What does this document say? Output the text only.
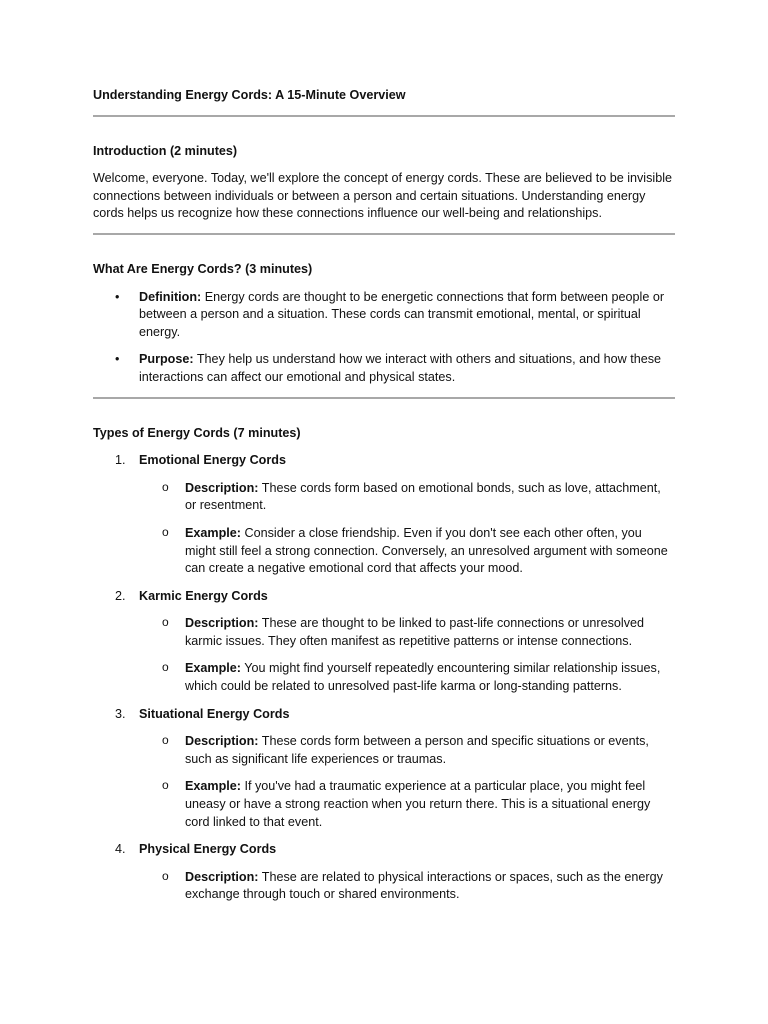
Understanding Energy Cords: A 15-Minute Overview

Introduction (2 minutes)

Welcome, everyone. Today, we'll explore the concept of energy cords. These are believed to be invisible connections between individuals or between a person and certain situations. Understanding energy cords helps us recognize how these connections influence our well-being and relationships.

What Are Energy Cords? (3 minutes)

• Definition: Energy cords are thought to be energetic connections that form between people or between a person and a situation. These cords can transmit emotional, mental, or spiritual energy.
• Purpose: They help us understand how we interact with others and situations, and how these interactions can affect our emotional and physical states.

Types of Energy Cords (7 minutes)

1. Emotional Energy Cords
o Description: These cords form based on emotional bonds, such as love, attachment, or resentment.
o Example: Consider a close friendship. Even if you don't see each other often, you might still feel a strong connection. Conversely, an unresolved argument with someone can create a negative emotional cord that affects your mood.
2. Karmic Energy Cords
o Description: These are thought to be linked to past-life connections or unresolved karmic issues. They often manifest as repetitive patterns or intense connections.
o Example: You might find yourself repeatedly encountering similar relationship issues, which could be related to unresolved past-life karma or long-standing patterns.
3. Situational Energy Cords
o Description: These cords form between a person and specific situations or events, such as significant life experiences or traumas.
o Example: If you've had a traumatic experience at a particular place, you might feel uneasy or have a strong reaction when you return there. This is a situational energy cord linked to that event.
4. Physical Energy Cords
o Description: These are related to physical interactions or spaces, such as the energy exchange through touch or shared environments.
